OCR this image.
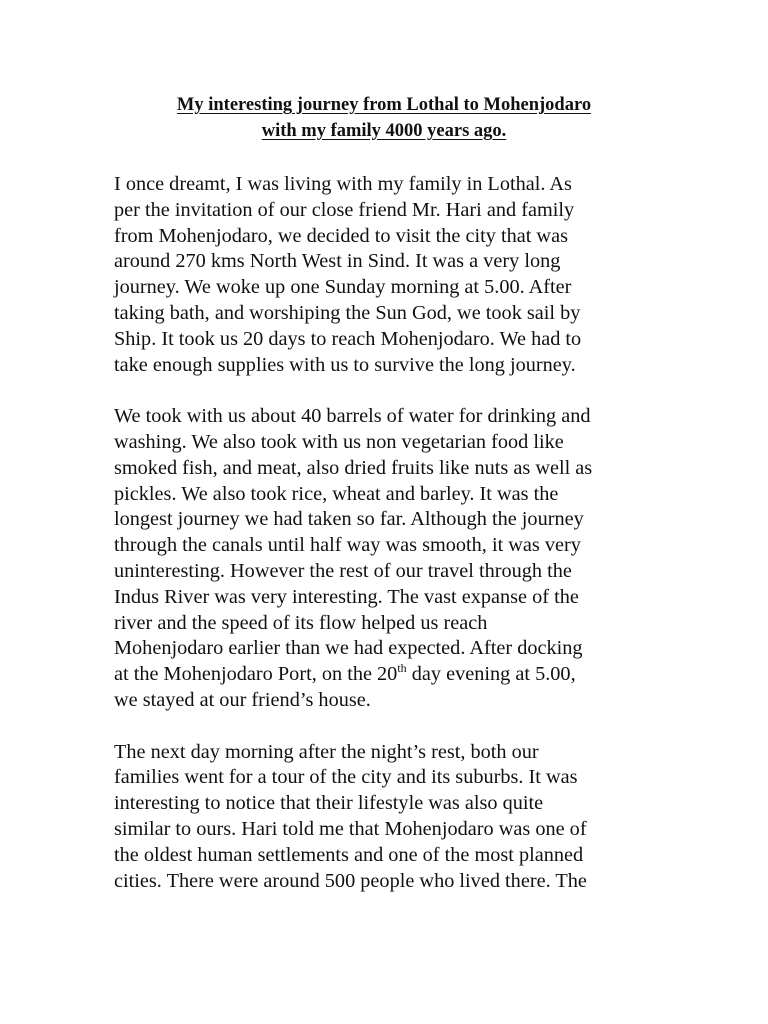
My interesting journey from Lothal to Mohenjodaro
with my family 4000 years ago.
I once dreamt, I was living with my family in Lothal. As
per the invitation of our close friend Mr. Hari and family
from Mohenjodaro, we decided to visit the city that was
around 270 kms North West in Sind. It was a very long
journey. We woke up one Sunday morning at 5.00. After
taking bath, and worshiping the Sun God, we took sail by
Ship. It took us 20 days to reach Mohenjodaro. We had to
take enough supplies with us to survive the long journey.
We took with us about 40 barrels of water for drinking and
washing. We also took with us non vegetarian food like
smoked fish, and meat, also dried fruits like nuts as well as
pickles. We also took rice, wheat and barley. It was the
longest journey we had taken so far. Although the journey
through the canals until half way was smooth, it was very
uninteresting. However the rest of our travel through the
Indus River was very interesting. The vast expanse of the
river and the speed of its flow helped us reach
Mohenjodaro earlier than we had expected. After docking
at the Mohenjodaro Port, on the 20th day evening at 5.00,
we stayed at our friend’s house.
The next day morning after the night’s rest, both our
families went for a tour of the city and its suburbs. It was
interesting to notice that their lifestyle was also quite
similar to ours. Hari told me that Mohenjodaro was one of
the oldest human settlements and one of the most planned
cities. There were around 500 people who lived there. The
